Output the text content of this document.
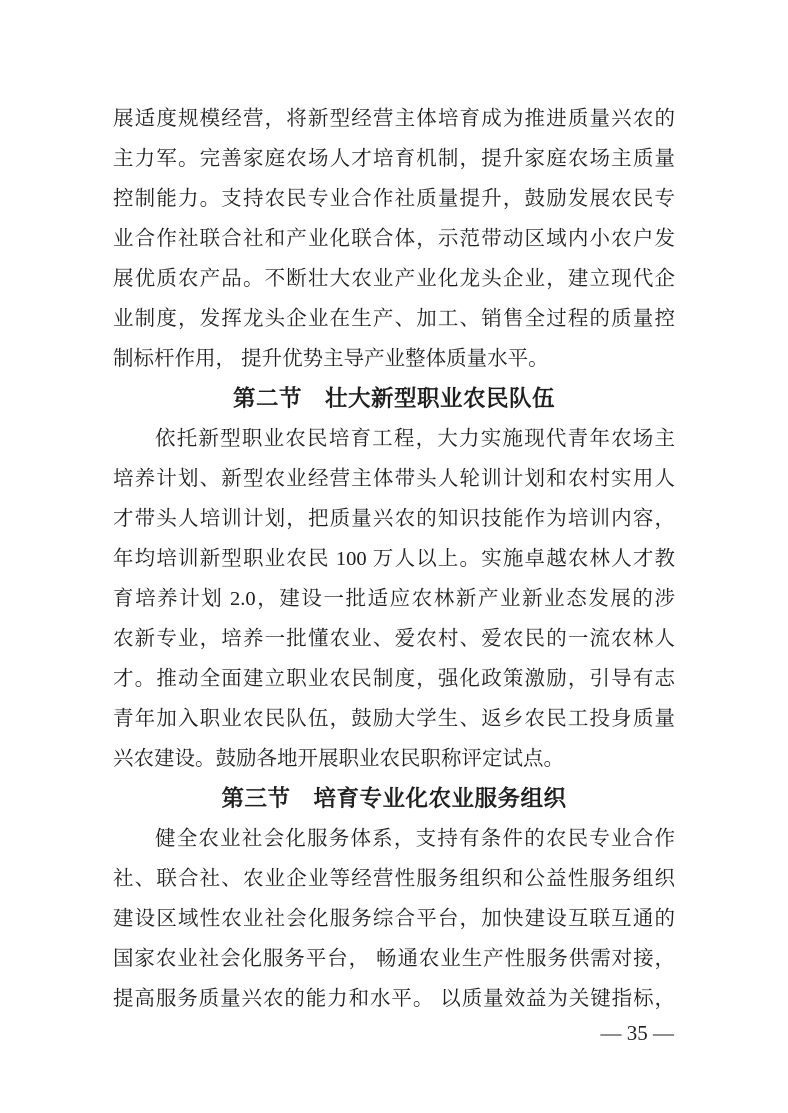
展适度规模经营，将新型经营主体培育成为推进质量兴农的
主力军。完善家庭农场人才培育机制，提升家庭农场主质量
控制能力。支持农民专业合作社质量提升，鼓励发展农民专
业合作社联合社和产业化联合体，示范带动区域内小农户发
展优质农产品。不断壮大农业产业化龙头企业，建立现代企
业制度，发挥龙头企业在生产、加工、销售全过程的质量控
制标杆作用， 提升优势主导产业整体质量水平。
第二节　壮大新型职业农民队伍
依托新型职业农民培育工程，大力实施现代青年农场主
培养计划、新型农业经营主体带头人轮训计划和农村实用人
才带头人培训计划，把质量兴农的知识技能作为培训内容，
年均培训新型职业农民 100 万人以上。实施卓越农林人才教
育培养计划 2.0，建设一批适应农林新产业新业态发展的涉
农新专业，培养一批懂农业、爱农村、爱农民的一流农林人
才。推动全面建立职业农民制度，强化政策激励，引导有志
青年加入职业农民队伍，鼓励大学生、返乡农民工投身质量
兴农建设。鼓励各地开展职业农民职称评定试点。
第三节　培育专业化农业服务组织
健全农业社会化服务体系，支持有条件的农民专业合作
社、联合社、农业企业等经营性服务组织和公益性服务组织
建设区域性农业社会化服务综合平台，加快建设互联互通的
国家农业社会化服务平台， 畅通农业生产性服务供需对接，
提高服务质量兴农的能力和水平。 以质量效益为关键指标，
— 35 —
